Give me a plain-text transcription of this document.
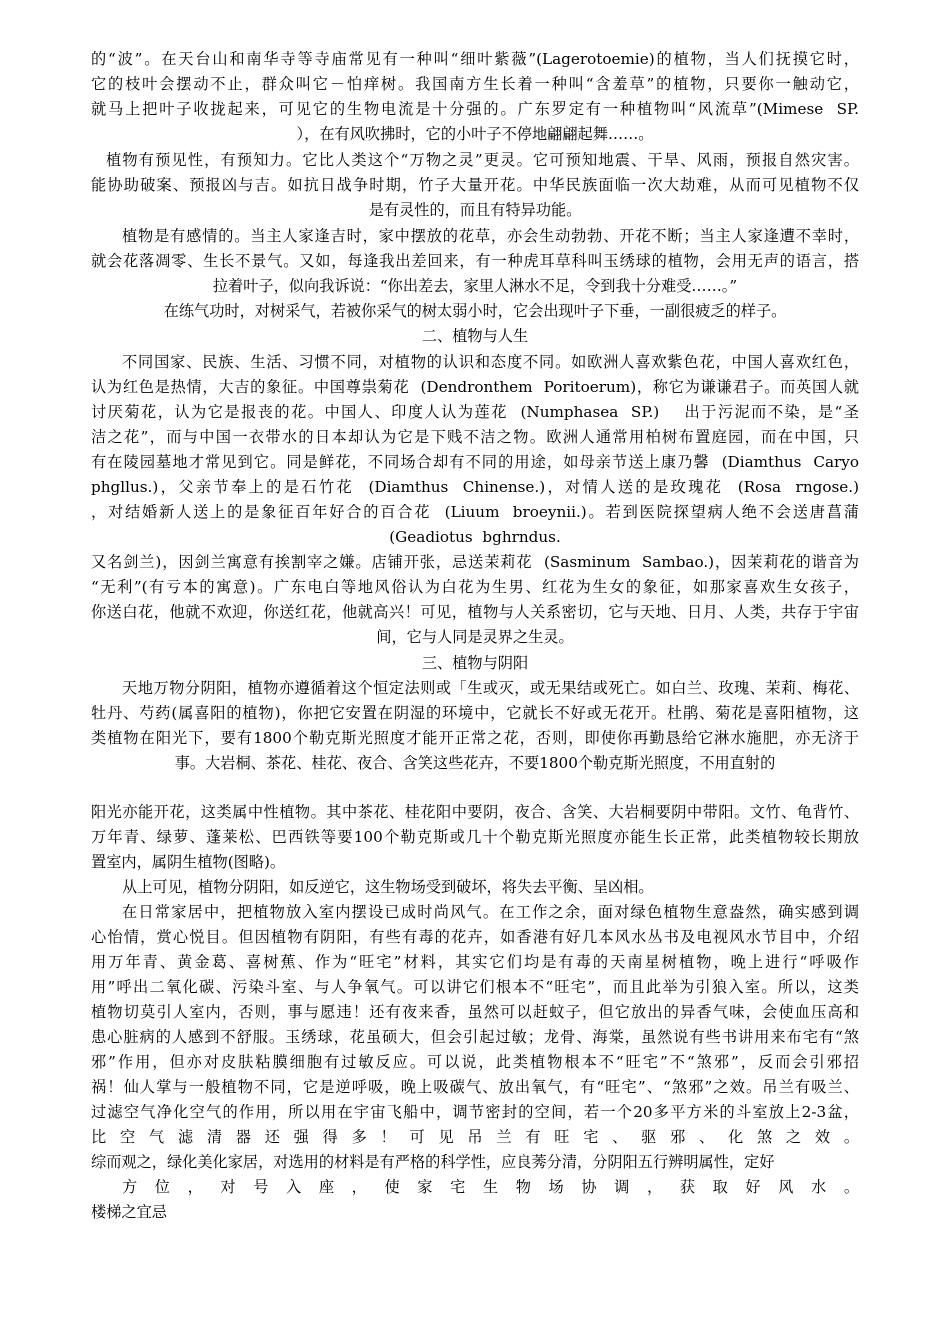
的“波”。在天台山和南华寺等寺庙常见有一种叫“细叶紫薇”(Lagerotoemie)的植物，当人们抚摸它时，
它的枝叶会摆动不止，群众叫它－怕痒树。我国南方生长着一种叫“含羞草”的植物，只要你一触动它，
就马上把叶子收拢起来，可见它的生物电流是十分强的。广东罗定有一种植物叫“风流草”(Mimese  SP.
），在有风吹拂时，它的小叶子不停地翩翩起舞……。
植物有预见性，有预知力。它比人类这个“万物之灵”更灵。它可预知地震、干旱、风雨，预报自然灾害。
能协助破案、预报凶与吉。如抗日战争时期，竹子大量开花。中华民族面临一次大劫难，从而可见植物不仅
是有灵性的，而且有特异功能。
植物是有感情的。当主人家逢吉时，家中摆放的花草，亦会生动勃勃、开花不断；当主人家逢遭不幸时，
就会花落凋零、生长不景气。又如，每逢我出差回来，有一种虎耳草科叫玉绣球的植物，会用无声的语言，搭
拉着叶子，似向我诉说：“你出差去，家里人淋水不足，令到我十分难受……。”
在练气功时，对树采气，若被你采气的树太弱小时，它会出现叶子下垂，一副很疲乏的样子。
二、植物与人生
不同国家、民族、生活、习惯不同，对植物的认识和态度不同。如欧洲人喜欢紫色花，中国人喜欢红色，
认为红色是热情，大吉的象征。中国尊祟菊花  (Dendronthem  Poritoerum)，称它为谦谦君子。而英国人就
讨厌菊花，认为它是报丧的花。中国人、印度人认为莲花  (Numphasea  SP.)    出于污泥而不染，是“圣
洁之花”，而与中国一衣带水的日本却认为它是下贱不洁之物。欧洲人通常用柏树布置庭园，而在中国，只
有在陵园墓地才常见到它。同是鲜花，不同场合却有不同的用途，如母亲节送上康乃馨  (Diamthus  Caryo
phgllus.)，父亲节奉上的是石竹花  (Diamthus  Chinense.)，对情人送的是玫瑰花  (Rosa  rngose.)
，对结婚新人送上的是象征百年好合的百合花  (Liuum  broeynii.)。若到医院探望病人绝不会送唐菖蒲
(Geadiotus  bghrndus.
又名剑兰)，因剑兰寓意有挨割宰之嫌。店铺开张，忌送茉莉花  (Sasminum  Sambao.)，因茉莉花的谐音为
“无利”(有亏本的寓意)。广东电白等地风俗认为白花为生男、红花为生女的象征，如那家喜欢生女孩子，
你送白花，他就不欢迎，你送红花，他就高兴！可见，植物与人关系密切，它与天地、日月、人类，共存于宇宙
间，它与人同是灵界之生灵。
三、植物与阴阳
天地万物分阴阳，植物亦遵循着这个恒定法则或「生或灭，或无果结或死亡。如白兰、玫瑰、茉莉、梅花、
牡丹、芍药(属喜阳的植物)，你把它安置在阴湿的环境中，它就长不好或无花开。杜鹃、菊花是喜阳植物，这
类植物在阳光下，要有1800个勒克斯光照度才能开正常之花，否则，即使你再勤恳给它淋水施肥，亦无济于
事。大岩桐、茶花、桂花、夜合、含笑这些花卉，不要1800个勒克斯光照度，不用直射的
阳光亦能开花，这类属中性植物。其中茶花、桂花阳中要阴，夜合、含笑、大岩桐要阴中带阳。文竹、龟背竹、
万年青、绿萝、蓬莱松、巴西铁等要100个勒克斯或几十个勒克斯光照度亦能生长正常，此类植物较长期放
置室内，属阴生植物(图略)。
从上可见，植物分阴阳，如反逆它，这生物场受到破坏，将失去平衡、呈凶相。
在日常家居中，把植物放入室内摆设已成时尚风气。在工作之余，面对绿色植物生意盎然，确实感到调
心怡情，赏心悦目。但因植物有阴阳，有些有毒的花卉，如香港有好几本风水丛书及电视风水节目中，介绍
用万年青、黄金葛、喜树蕉、作为“旺宅”材料，其实它们均是有毒的天南星树植物，晚上进行“呼吸作
用”呼出二氧化碳、污染斗室、与人争氧气。可以讲它们根本不“旺宅”，而且此举为引狼入室。所以，这类
植物切莫引人室内，否则，事与愿违！还有夜来香，虽然可以赶蚊子，但它放出的异香气味，会使血压高和
患心脏病的人感到不舒服。玉绣球，花虽硕大，但会引起过敏；龙骨、海棠，虽然说有些书讲用来布宅有“煞
邪”作用，但亦对皮肤粘膜细胞有过敏反应。可以说，此类植物根本不“旺宅”不“煞邪”，反而会引邪招
祸！仙人掌与一般植物不同，它是逆呼吸，晚上吸碳气、放出氧气，有“旺宅”、“煞邪”之效。吊兰有吸兰、
过滤空气净化空气的作用，所以用在宇宙飞船中，调节密封的空间，若一个20多平方米的斗室放上2-3盆，
比空气滤清器还强得多！可见吊兰有旺宅、驱邪、化煞之效。
综而观之，绿化美化家居，对选用的材料是有严格的科学性，应良莠分清，分阴阳五行辨明属性，定好
方位，对号入座，使家宅生物场协调，获取好风水。
楼梯之宜忌
